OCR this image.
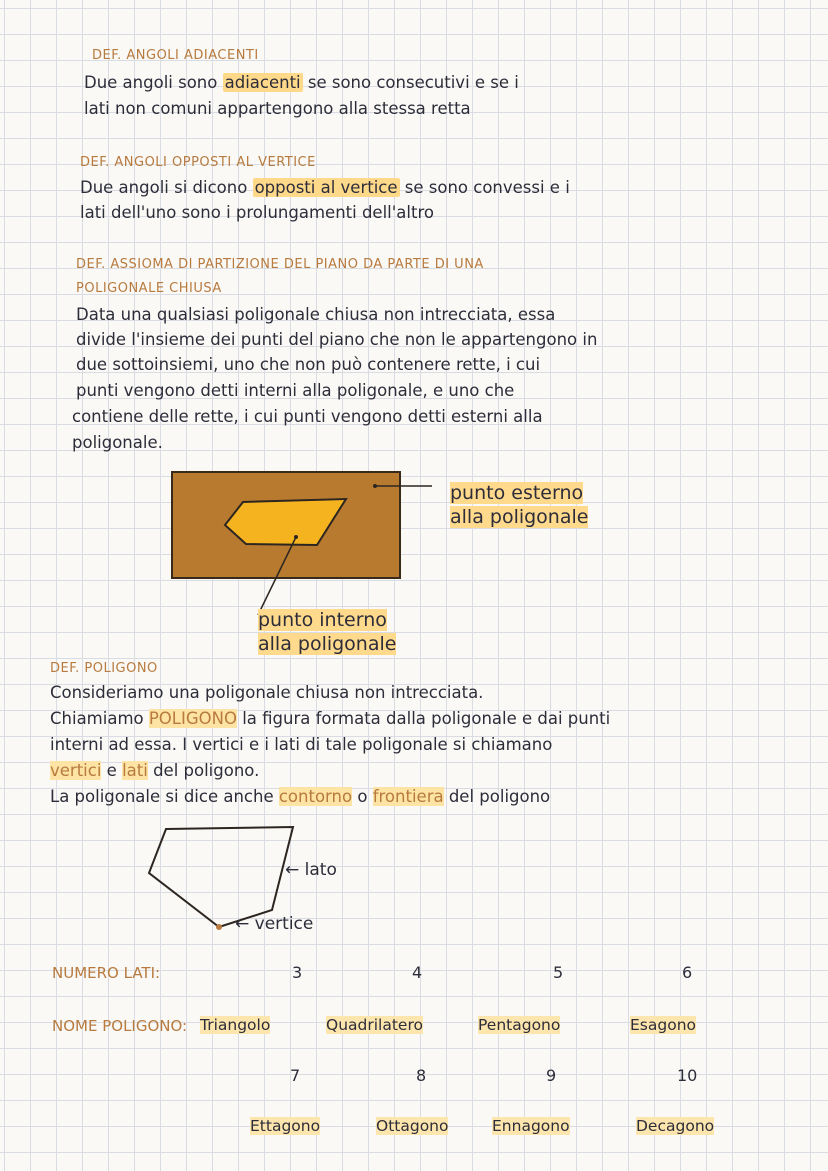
DEF. ANGOLI ADIACENTI
Due angoli sono adiacenti se sono consecutivi e se i
lati non comuni appartengono alla stessa retta
DEF. ANGOLI OPPOSTI AL VERTICE
Due angoli si dicono opposti al vertice se sono convessi e i
lati dell'uno sono i prolungamenti dell'altro
DEF. ASSIOMA DI PARTIZIONE DEL PIANO DA PARTE DI UNA
POLIGONALE CHIUSA
Data una qualsiasi poligonale chiusa non intrecciata, essa
divide l'insieme dei punti del piano che non le appartengono in
due sottoinsiemi, uno che non può contenere rette, i cui
punti vengono detti interni alla poligonale, e uno che
contiene delle rette, i cui punti vengono detti esterni alla
poligonale.
punto esterno
alla poligonale
punto interno
alla poligonale
DEF. POLIGONO
Consideriamo una poligonale chiusa non intrecciata.
Chiamiamo POLIGONO la figura formata dalla poligonale e dai punti
interni ad essa. I vertici e i lati di tale poligonale si chiamano
vertici e lati del poligono.
La poligonale si dice anche contorno o frontiera del poligono
← lato
← vertice
NUMERO LATI:	3	4	5	6
NOME POLIGONO: Triangolo	Quadrilatero	Pentagono	Esagono
7	8	9	10
Ettagono	Ottagono	Ennagono	Decagono
